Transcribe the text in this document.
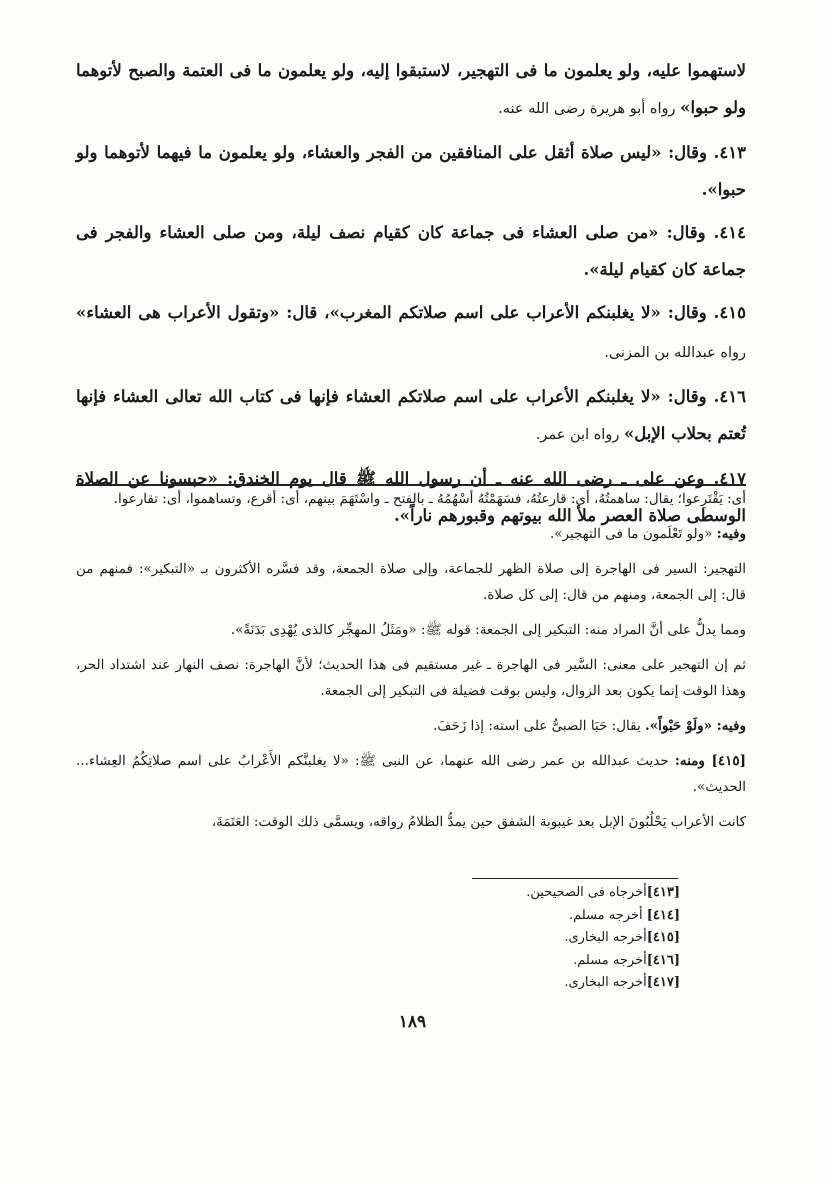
لاستهموا عليه، ولو يعلمون ما فى التهجير، لاستبقوا إليه، ولو يعلمون ما فى العتمة والصبح لأتوهما ولو حبوا» رواه أبو هريرة رضى الله عنه.

٤١٣. وقال: «ليس صلاة أثقل على المنافقين من الفجر والعشاء، ولو يعلمون ما فيهما لأتوهما ولو حبوا».

٤١٤. وقال: «من صلى العشاء فى جماعة كان كقيام نصف ليلة، ومن صلى العشاء والفجر فى جماعة كان كقيام ليلة».

٤١٥. وقال: «لا يغلبنكم الأعراب على اسم صلاتكم المغرب»، قال: «وتقول الأعراب هى العشاء» رواه عبدالله بن المزنى.

٤١٦. وقال: «لا يغلبنكم الأعراب على اسم صلاتكم العشاء فإنها فى كتاب الله تعالى العشاء فإنها تُعتم بحلاب الإبل» رواه ابن عمر.

٤١٧. وعن على ـ رضى الله عنه ـ أن رسول الله ﷺ قال يوم الخندق: «حبسونا عن الصلاة الوسطى صلاة العصر ملأ الله بيوتهم وقبورهم ناراً».

أى: يَقْتَرِعوا؛ يقال: ساهمتُهُ، أى: قارعتُهُ، فسَهَمْتُهُ أسْهُمُهُ ـ بالفتح ـ واسْتَهَمَ بينهم، أى: أقرع، وتساهموا، أى: تقارعوا.

وفيه: «ولو تَعْلَمون ما فى التهجير».

التهجير: السير فى الهاجرة إلى صلاة الظهر للجماعة، وإلى صلاة الجمعة، وقد فسَّره الأكثرون بـ «التبكير»: فمنهم من قال: إلى الجمعة، ومنهم من قال: إلى كل صلاة.

ومما يدلُّ على أنَّ المراد منه: التبكير إلى الجمعة: قوله ﷺ: «ومَثَلُ المهجِّر كالذى يُهْدِى بَدَنَةً».

ثم إن التهجير على معنى: السَّير فى الهاجرة ـ غير مستقيم فى هذا الحديث؛ لأنَّ الهاجرة: نصف النهار عند اشتداد الحر، وهذا الوقت إنما يكون بعد الزوال، وليس بوقت فضيلة فى التبكير إلى الجمعة.

وفيه: «ولَوْ حَبْواً». يقال: حَبَا الصبىُّ على استه: إذا زَحَفَ.

[٤١٥] ومنه: حديث عبدالله بن عمر رضى الله عنهما، عن النبى ﷺ: «لا يغلبنَّكم الأَعْرابُ على اسم صلاتِكُمُ العِشاء... الحديث».

كانت الأعراب يَحْلُبُونَ الإبل بعد غيبوبة الشفق حين يمدُّ الظلامُ رواقه، ويسمَّى ذلك الوقت: العَتَمَةَ،

[٤١٣]أخرجاه فى الصحيحين.

[٤١٤] أخرجه مسلم.

[٤١٥]أخرجه البخارى.

[٤١٦]أخرجه مسلم.

[٤١٧]أخرجه البخارى.

١٨٩
